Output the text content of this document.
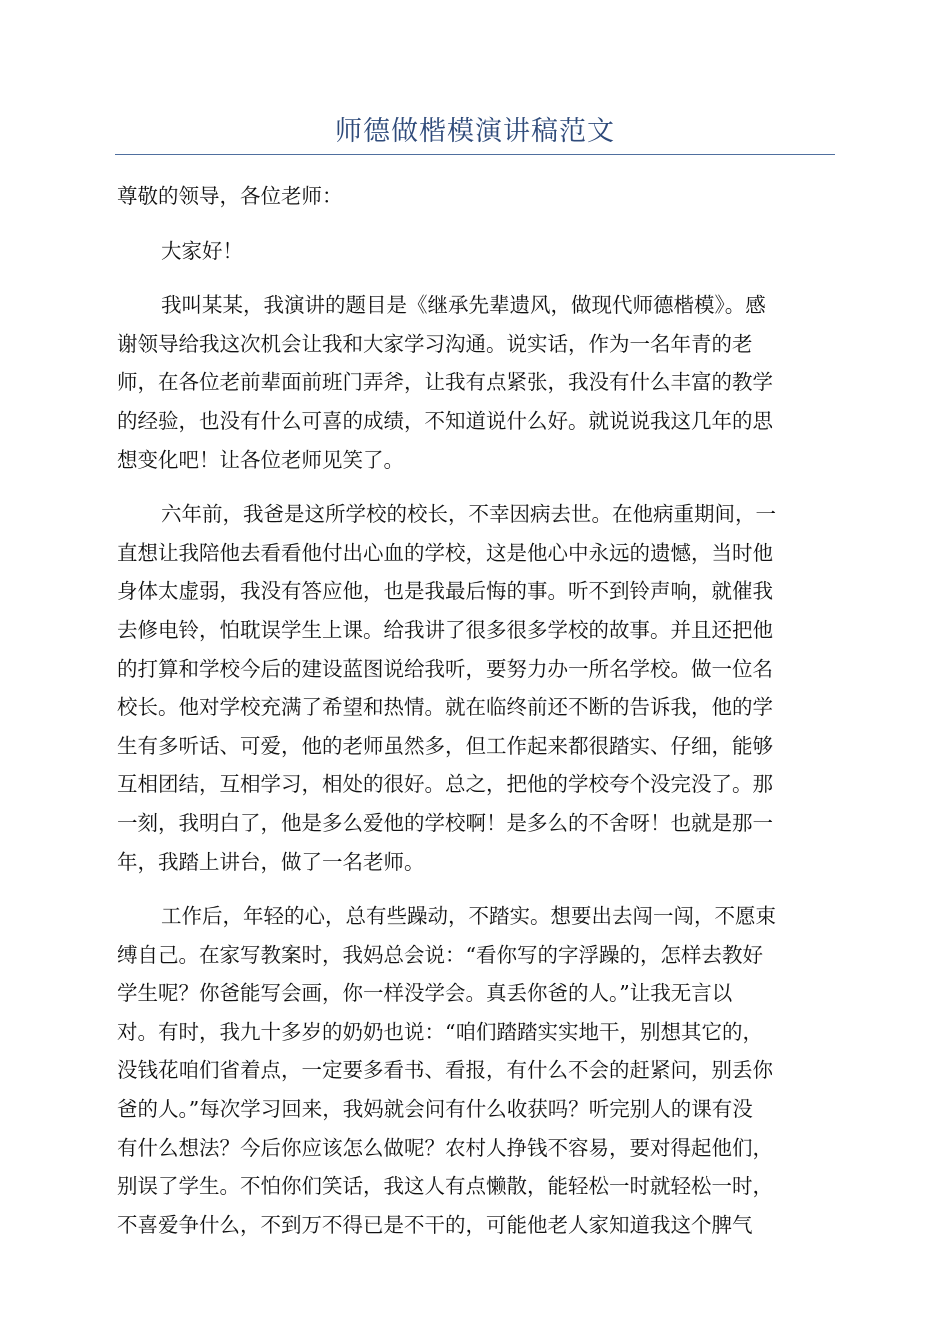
师德做楷模演讲稿范文
尊敬的领导，各位老师：
大家好！
我叫某某，我演讲的题目是《继承先辈遗风，做现代师德楷模》。感
谢领导给我这次机会让我和大家学习沟通。说实话，作为一名年青的老
师，在各位老前辈面前班门弄斧，让我有点紧张，我没有什么丰富的教学
的经验，也没有什么可喜的成绩，不知道说什么好。就说说我这几年的思
想变化吧！让各位老师见笑了。
六年前，我爸是这所学校的校长，不幸因病去世。在他病重期间，一
直想让我陪他去看看他付出心血的学校，这是他心中永远的遗憾，当时他
身体太虚弱，我没有答应他，也是我最后悔的事。听不到铃声响，就催我
去修电铃，怕耽误学生上课。给我讲了很多很多学校的故事。并且还把他
的打算和学校今后的建设蓝图说给我听，要努力办一所名学校。做一位名
校长。他对学校充满了希望和热情。就在临终前还不断的告诉我，他的学
生有多听话、可爱，他的老师虽然多，但工作起来都很踏实、仔细，能够
互相团结，互相学习，相处的很好。总之，把他的学校夸个没完没了。那
一刻，我明白了，他是多么爱他的学校啊！是多么的不舍呀！也就是那一
年，我踏上讲台，做了一名老师。
工作后，年轻的心，总有些躁动，不踏实。想要出去闯一闯，不愿束
缚自己。在家写教案时，我妈总会说：“看你写的字浮躁的，怎样去教好
学生呢？你爸能写会画，你一样没学会。真丢你爸的人。”让我无言以
对。有时，我九十多岁的奶奶也说：“咱们踏踏实实地干，别想其它的，
没钱花咱们省着点，一定要多看书、看报，有什么不会的赶紧问，别丢你
爸的人。”每次学习回来，我妈就会问有什么收获吗？听完别人的课有没
有什么想法？今后你应该怎么做呢？农村人挣钱不容易，要对得起他们，
别误了学生。不怕你们笑话，我这人有点懒散，能轻松一时就轻松一时，
不喜爱争什么，不到万不得已是不干的，可能他老人家知道我这个脾气
